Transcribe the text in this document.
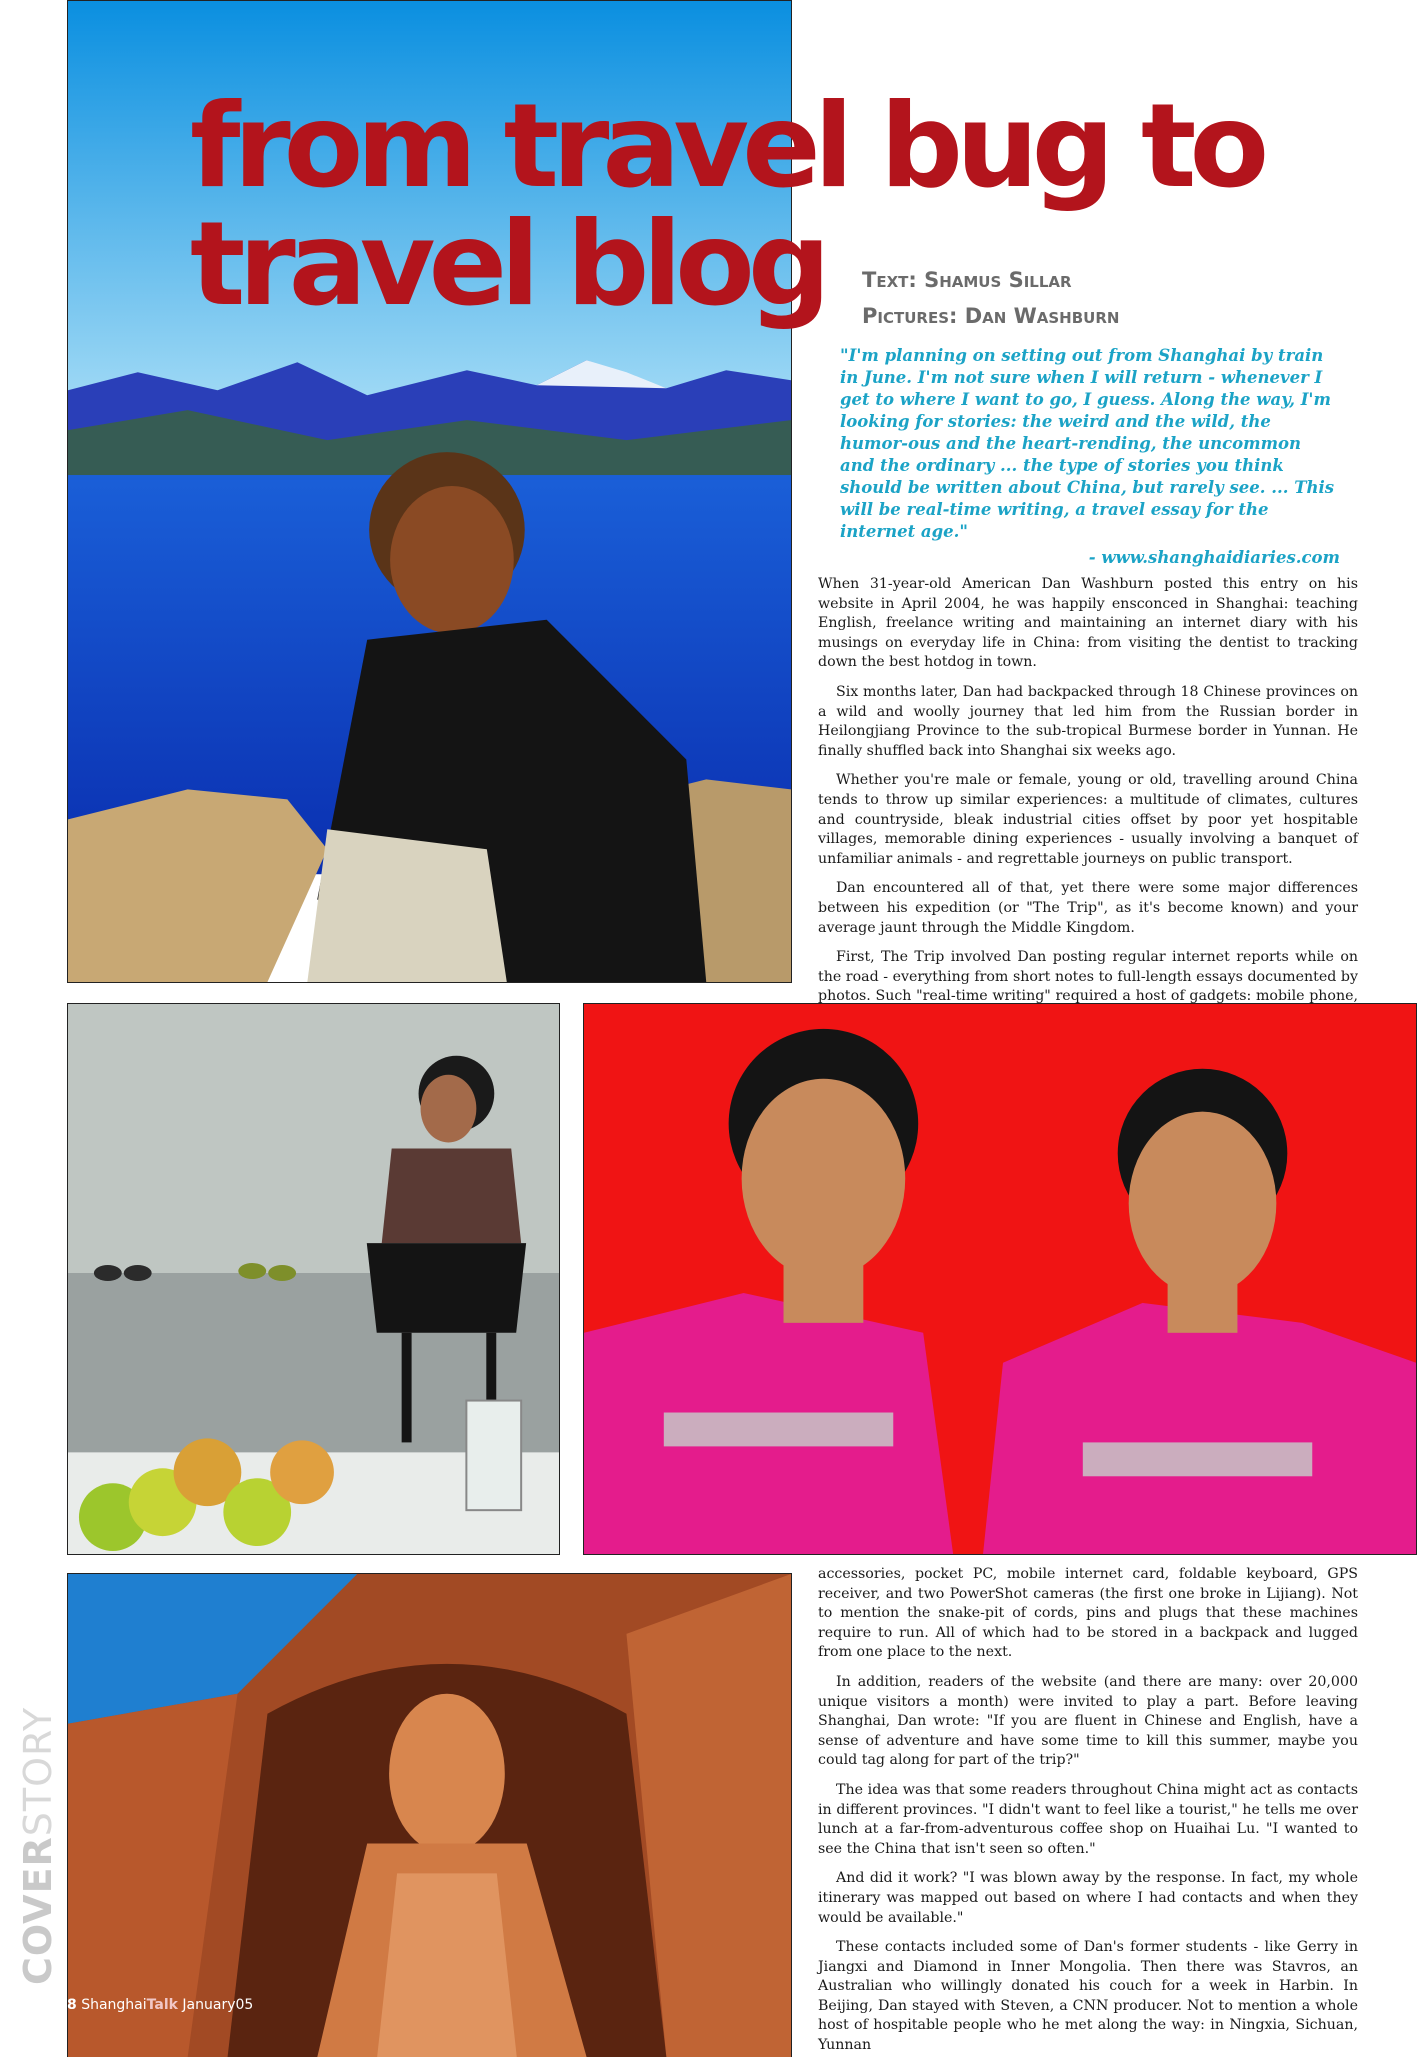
from travel bug to
travel blog	Text: Shamus Sillar
Pictures: Dan Washburn

"I'm planning on setting out from Shanghai by train in June. I'm not sure when I will return - whenever I get to where I want to go, I guess. Along the way, I'm looking for stories: the weird and the wild, the humor-ous and the heart-rending, the uncommon and the ordinary ... the type of stories you think should be written about China, but rarely see. ... This will be real-time writing, a travel essay for the internet age."

- www.shanghaidiaries.com

When 31-year-old American Dan Washburn posted this entry on his website in April 2004, he was happily ensconced in Shanghai: teaching English, freelance writing and maintaining an internet diary with his musings on everyday life in China: from visiting the dentist to tracking down the best hotdog in town.

Six months later, Dan had backpacked through 18 Chinese provinces on a wild and woolly journey that led him from the Russian border in Heilongjiang Province to the sub-tropical Burmese border in Yunnan. He finally shuffled back into Shanghai six weeks ago.

Whether you're male or female, young or old, travelling around China tends to throw up similar experiences: a multitude of climates, cultures and countryside, bleak industrial cities offset by poor yet hospitable villages, memorable dining experiences - usually involving a banquet of unfamiliar animals - and regrettable journeys on public transport.

Dan encountered all of that, yet there were some major differences between his expedition (or "The Trip", as it's become known) and your average jaunt through the Middle Kingdom.

First, The Trip involved Dan posting regular internet reports while on the road - everything from short notes to full-length essays documented by photos. Such "real-time writing" required a host of gadgets: mobile phone,

accessories, pocket PC, mobile internet card, foldable keyboard, GPS receiver, and two PowerShot cameras (the first one broke in Lijiang). Not to mention the snake-pit of cords, pins and plugs that these machines require to run. All of which had to be stored in a backpack and lugged from one place to the next.

In addition, readers of the website (and there are many: over 20,000 unique visitors a month) were invited to play a part. Before leaving Shanghai, Dan wrote: "If you are fluent in Chinese and English, have a sense of adventure and have some time to kill this summer, maybe you could tag along for part of the trip?"

The idea was that some readers throughout China might act as contacts in different provinces. "I didn't want to feel like a tourist," he tells me over lunch at a far-from-adventurous coffee shop on Huaihai Lu. "I wanted to see the China that isn't seen so often."

And did it work? "I was blown away by the response. In fact, my whole itinerary was mapped out based on where I had contacts and when they would be available."

These contacts included some of Dan's former students - like Gerry in Jiangxi and Diamond in Inner Mongolia. Then there was Stavros, an Australian who willingly donated his couch for a week in Harbin. In Beijing, Dan stayed with Steven, a CNN producer. Not to mention a whole host of hospitable people who he met along the way: in Ningxia, Sichuan, Yunnan

COVERSTORY
8 ShanghaiTalk January05
